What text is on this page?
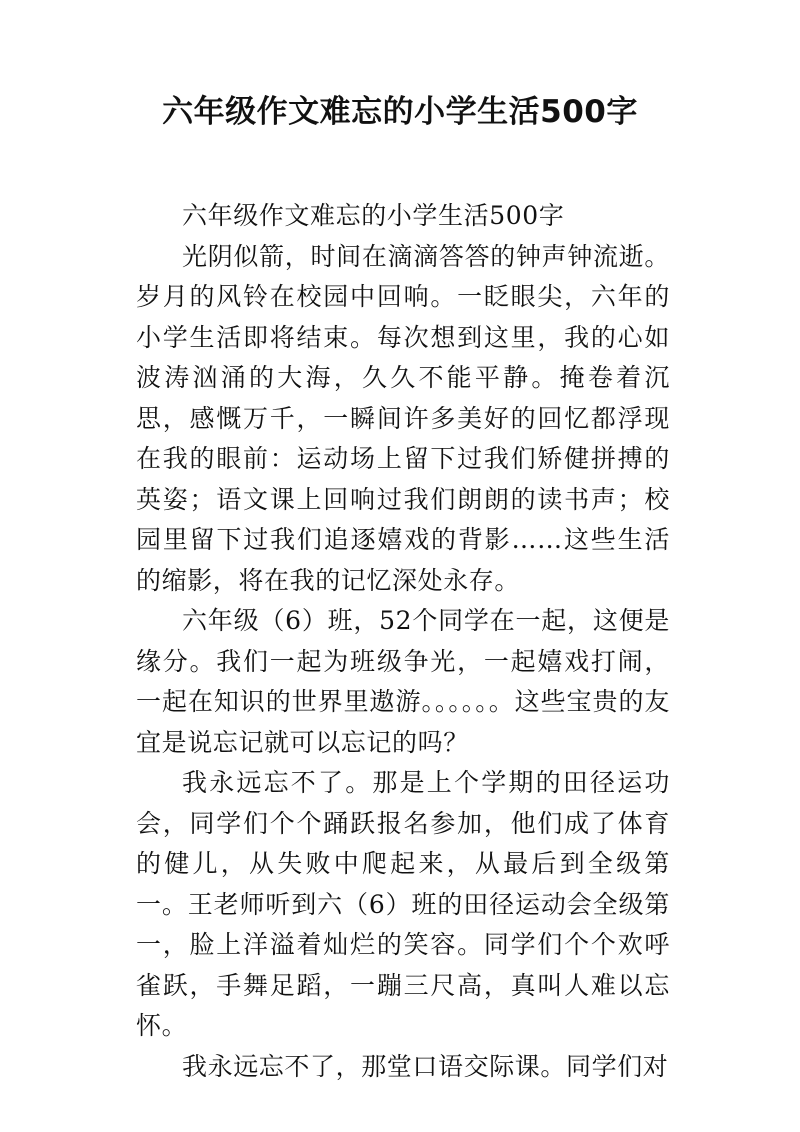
六年级作文难忘的小学生活500字

六年级作文难忘的小学生活500字

光阴似箭，时间在滴滴答答的钟声钟流逝。岁月的风铃在校园中回响。一眨眼尖，六年的小学生活即将结束。每次想到这里，我的心如波涛汹涌的大海，久久不能平静。掩卷着沉思，感慨万千，一瞬间许多美好的回忆都浮现在我的眼前：运动场上留下过我们矫健拼搏的英姿；语文课上回响过我们朗朗的读书声；校园里留下过我们追逐嬉戏的背影……这些生活的缩影，将在我的记忆深处永存。

六年级（6）班，52个同学在一起，这便是缘分。我们一起为班级争光，一起嬉戏打闹，一起在知识的世界里遨游。。。。。。这些宝贵的友宜是说忘记就可以忘记的吗？

我永远忘不了。那是上个学期的田径运功会，同学们个个踊跃报名参加，他们成了体育的健儿，从失败中爬起来，从最后到全级第一。王老师听到六（6）班的田径运动会全级第一，脸上洋溢着灿烂的笑容。同学们个个欢呼雀跃，手舞足蹈，一蹦三尺高，真叫人难以忘怀。

我永远忘不了，那堂口语交际课。同学们对
